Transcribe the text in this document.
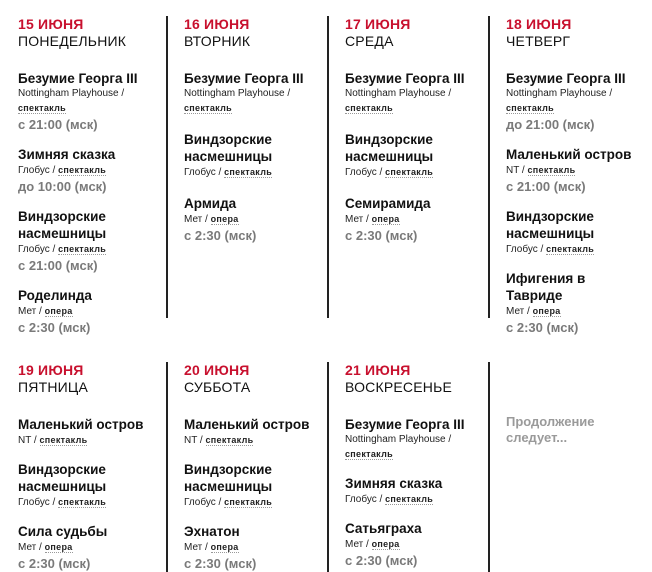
15 ИЮНЯ
ПОНЕДЕЛЬНИК
Безумие Георга III
Nottingham Playhouse / спектакль
с 21:00 (мск)
Зимняя сказка
Глобус / спектакль
до 10:00 (мск)
Виндзорские насмешницы
Глобус / спектакль
с 21:00 (мск)
Роделинда
Мет / опера
с 2:30 (мск)
16 ИЮНЯ
ВТОРНИК
Безумие Георга III
Nottingham Playhouse / спектакль
Виндзорские насмешницы
Глобус / спектакль
Армида
Мет / опера
с 2:30 (мск)
17 ИЮНЯ
СРЕДА
Безумие Георга III
Nottingham Playhouse / спектакль
Виндзорские насмешницы
Глобус / спектакль
Семирамида
Мет / опера
с 2:30 (мск)
18 ИЮНЯ
ЧЕТВЕРГ
Безумие Георга III
Nottingham Playhouse / спектакль
до 21:00 (мск)
Маленький остров
NT / спектакль
с 21:00 (мск)
Виндзорские насмешницы
Глобус / спектакль
Ифигения в Тавриде
Мет / опера
с 2:30 (мск)
19 ИЮНЯ
ПЯТНИЦА
Маленький остров
NT / спектакль
Виндзорские насмешницы
Глобус / спектакль
Сила судьбы
Мет / опера
с 2:30 (мск)
20 ИЮНЯ
СУББОТА
Маленький остров
NT / спектакль
Виндзорские насмешницы
Глобус / спектакль
Эхнатон
Мет / опера
с 2:30 (мск)
21 ИЮНЯ
ВОСКРЕСЕНЬЕ
Безумие Георга III
Nottingham Playhouse / спектакль
Зимняя сказка
Глобус / спектакль
Сатьяграха
Мет / опера
с 2:30 (мск)
Продолжение следует...
